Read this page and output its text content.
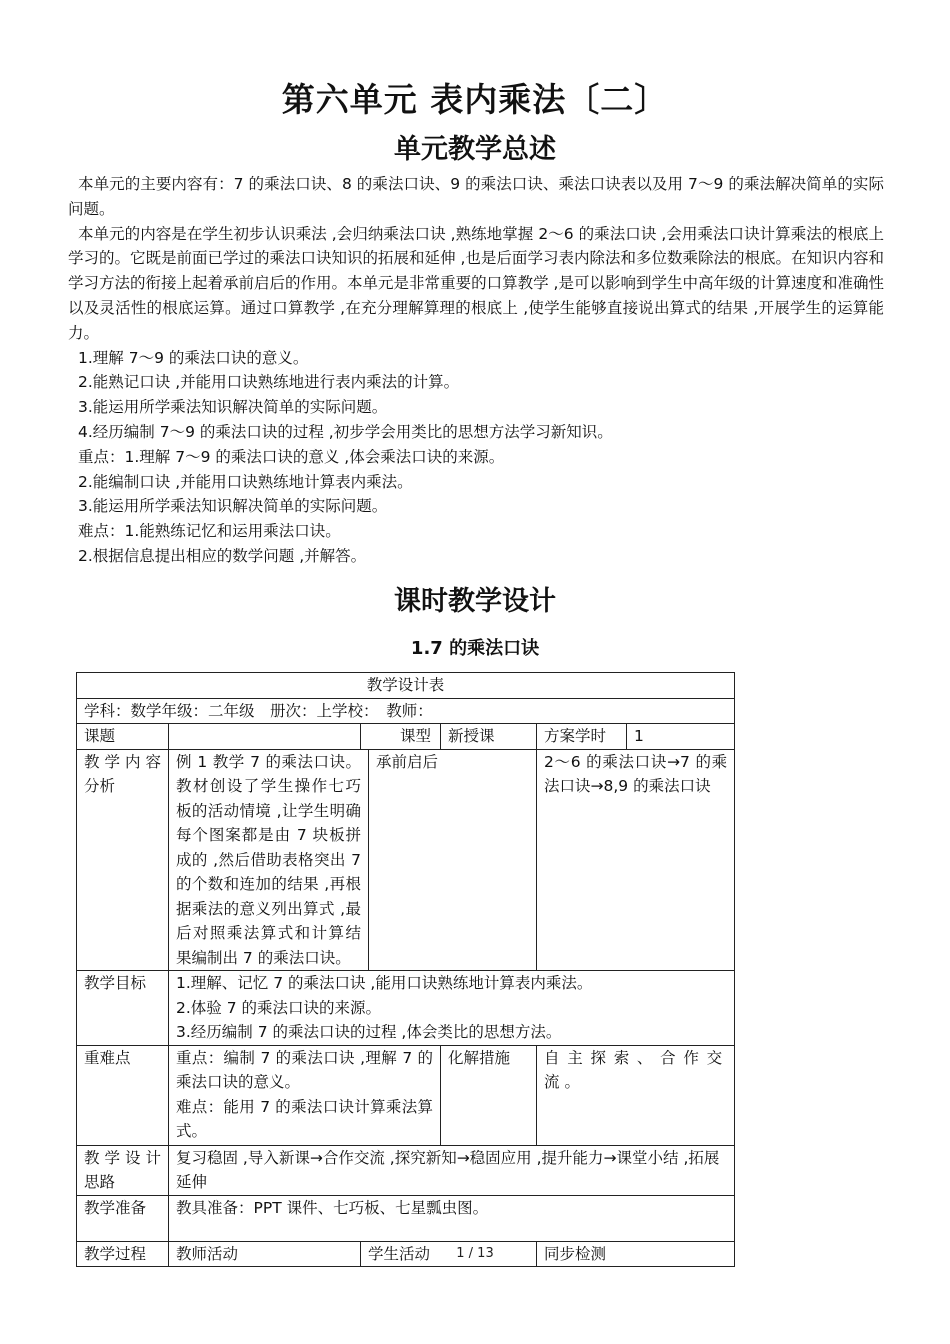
第六单元 表内乘法〔二〕
单元教学总述

本单元的主要内容有：7 的乘法口诀、8 的乘法口诀、9 的乘法口诀、乘法口诀表以及用 7～9 的乘法解决简单的实际问题。

本单元的内容是在学生初步认识乘法 ,会归纳乘法口诀 ,熟练地掌握 2～6 的乘法口诀 ,会用乘法口诀计算乘法的根底上学习的。它既是前面已学过的乘法口诀知识的拓展和延伸 ,也是后面学习表内除法和多位数乘除法的根底。在知识内容和学习方法的衔接上起着承前启后的作用。本单元是非常重要的口算教学 ,是可以影响到学生中高年级的计算速度和准确性以及灵活性的根底运算。通过口算教学 ,在充分理解算理的根底上 ,使学生能够直接说出算式的结果 ,开展学生的运算能力。

1.理解 7～9 的乘法口诀的意义。

2.能熟记口诀 ,并能用口诀熟练地进行表内乘法的计算。

3.能运用所学乘法知识解决简单的实际问题。

4.经历编制 7～9 的乘法口诀的过程 ,初步学会用类比的思想方法学习新知识。

重点：1.理解 7～9 的乘法口诀的意义 ,体会乘法口诀的来源。

2.能编制口诀 ,并能用口诀熟练地计算表内乘法。

3.能运用所学乘法知识解决简单的实际问题。

难点：1.能熟练记忆和运用乘法口诀。

2.根据信息提出相应的数学问题 ,并解答。

课时教学设计
1.7 的乘法口诀
教学设计表					
学科：数学年级：二年级　册次：上学校：　教师：					
课题		课型		新授课	方案学时 1

教学内容分析	例 1 教学 7 的乘法口诀。教材创设了学生操作七巧板的活动情境 ,让学生明确每个图案都是由 7 块板拼成的 ,然后借助表格突出 7 的个数和连加的结果 ,再根据乘法的意义列出算式 ,最后对照乘法算式和计算结果编制出 7 的乘法口诀。		承前启后		2～6 的乘法口诀→7 的乘法口诀→8,9 的乘法口诀
教学目标	1.理解、记忆 7 的乘法口诀 ,能用口诀熟练地计算表内乘法。
2.体验 7 的乘法口诀的来源。
3.经历编制 7 的乘法口诀的过程 ,体会类比的思想方法。				

重难点	重点：编制 7 的乘法口诀 ,理解 7 的乘法口诀的意义。
难点：能用 7 的乘法口诀计算乘法算式。			化解措施	自主探索、合作交流。
教学设计思路	复习稳固 ,导入新课→合作交流 ,探究新知→稳固应用 ,提升能力→课堂小结 ,拓展延伸				
教学准备	教具准备：PPT 课件、七巧板、七星瓢虫图。				
教学过程	教师活动	学生活动			同步检测
1 / 13
